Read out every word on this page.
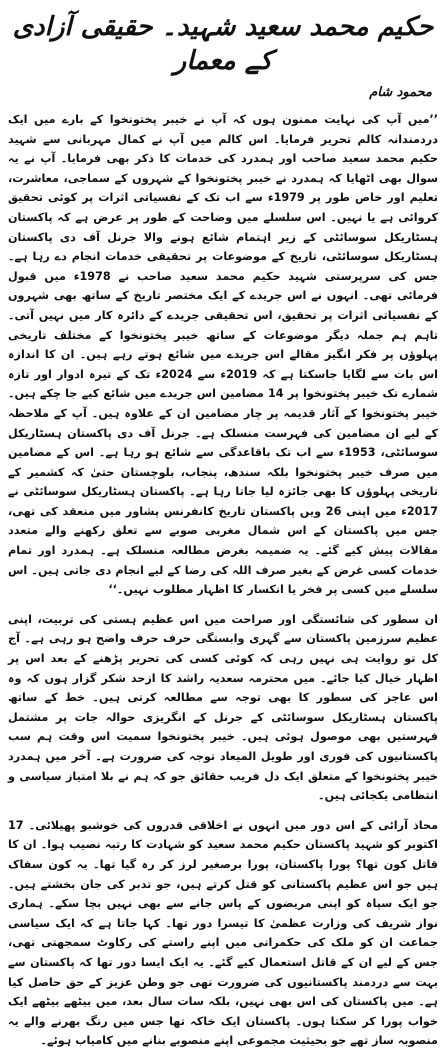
حکیم محمد سعید شہید۔ حقیقی آزادی کے معمار
محمود شام

’’میں آپ کی نہایت ممنون ہوں کہ آپ نے خیبر پختونخوا کے بارے میں ایک دردمندانہ کالم تحریر فرمایا۔ اس کالم میں آپ نے کمال مہربانی سے شہید حکیم محمد سعید صاحب اور ہمدرد کی خدمات کا ذکر بھی فرمایا۔ آپ نے یہ سوال بھی اٹھایا کہ ہمدرد نے خیبر پختونخوا کے شہروں کے سماجی، معاشرت، تعلیم اور خاص طور پر 1979ء سے اب تک کے نفسیاتی اثرات پر کوئی تحقیق کروائی ہے یا نہیں۔ اس سلسلے میں وضاحت کے طور پر عرض ہے کہ پاکستان ہسٹاریکل سوسائٹی کے زیر اہتمام شائع ہونے والا جرنل آف دی پاکستان ہسٹاریکل سوسائٹی، تاریخ کے موضوعات پر تحقیقی خدمات انجام دے رہا ہے۔ جس کی سرپرستی شہید حکیم محمد سعید صاحب نے 1978ء میں قبول فرمائی تھی۔ انہوں نے اس جریدے کے ایک مختصر تاریخ کے ساتھ بھی شہروں کے نفسیاتی اثرات پر تحقیق، اس تحقیقی جریدے کے دائرہ کار میں نہیں آتی۔ تاہم ہم جملہ دیگر موضوعات کے ساتھ خیبر پختونخوا کے مختلف تاریخی پہلوؤں پر فکر انگیز مقالے اس جریدے میں شائع ہوتے رہے ہیں۔ ان کا اندازہ اس بات سے لگایا جاسکتا ہے کہ 2019ء سے 2024ء تک کے تیرہ ادوار اور تازہ شمارے تک خیبر پختونخوا پر 14 مضامین اس جریدے میں شائع کیے جا چکے ہیں۔ خیبر پختونخوا کے آثار قدیمہ پر چار مضامین ان کے علاوہ ہیں۔ آپ کے ملاحظہ کے لیے ان مضامین کی فہرست منسلک ہے۔ جرنل آف دی پاکستان ہسٹاریکل سوسائٹی، 1953ء سے اب تک باقاعدگی سے شائع ہو رہا ہے۔ اس کے مضامین میں صرف خیبر پختونخوا بلکہ سندھ، پنجاب، بلوچستان حتیٰ کہ کشمیر کے تاریخی پہلوؤں کا بھی جائزہ لیا جاتا رہا ہے۔ پاکستان ہسٹاریکل سوسائٹی نے 2017ء میں اپنی 26 ویں پاکستان تاریخ کانفرنس پشاور میں منعقد کی تھی، جس میں پاکستان کے اس شمال مغربی صوبے سے تعلق رکھنے والے متعدد مقالات پیش کیے گئے۔ یہ ضمیمہ بغرض مطالعہ منسلک ہے۔ ہمدرد اور تمام خدمات کسی غرض کے بغیر صرف اللہ کی رضا کے لیے انجام دی جاتی ہیں۔ اس سلسلے میں کسی پر فخر یا انکسار کا اظہار مطلوب نہیں۔‘‘

ان سطور کی شائستگی اور صراحت میں اس عظیم ہستی کی تربیت، اپنی عظیم سرزمین پاکستان سے گہری وابستگی حرف حرف واضح ہو رہی ہے۔ آج کل تو روایت ہی نہیں رہی کہ کوئی کسی کی تحریر پڑھنے کے بعد اس پر اظہار خیال کیا جائے۔ میں محترمہ سعدیہ راشد کا ازحد شکر گزار ہوں کہ وہ اس عاجز کی سطور کا بھی توجہ سے مطالعہ کرتی ہیں۔ خط کے ساتھ پاکستان ہسٹاریکل سوسائٹی کے جرنل کے انگریزی حوالہ جات پر مشتمل فہرستیں بھی موصول ہوئی ہیں۔ خیبر پختونخوا سمیت اس وقت ہم سب پاکستانیوں کی فوری اور طویل المیعاد توجہ کی ضرورت ہے۔ آخر میں ہمدرد خیبر پختونخوا کے متعلق ایک دل فریب حقائق جو کہ ہم نے بلا امتیاز سیاسی و انتظامی یکجائی ہیں۔

محاذ آرائی کے اس دور میں انہوں نے اخلاقی قدروں کی خوشبو پھیلائی۔ 17 اکتوبر کو شہید پاکستان حکیم محمد سعید کو شہادت کا رتبہ نصیب ہوا۔ ان کا قاتل کون تھا؟ پورا پاکستان، پورا برصغیر لرز کر رہ گیا تھا۔ یہ کون سفاک ہیں جو اس عظیم پاکستانی کو قتل کرتے ہیں، جو تدبر کی جان بخشتے ہیں۔ جو ایک سپاہ کو اپنی مریضوں کے پاس جانے سے بھی نہیں بچا سکے۔ ہماری نواز شریف کی وزارت عظمیٰ کا تیسرا دور تھا۔ کہا جاتا ہے کہ ایک سیاسی جماعت ان کو ملک کی حکمرانی میں اپنے راستے کی رکاوٹ سمجھتی تھی، جس کے لیے ان کے قاتل استعمال کیے گئے۔ یہ ایک ایسا دور تھا کہ پاکستان سے بہت سے دردمند پاکستانیوں کی ضرورت تھی جو وطن عزیز کے حق حاصل کیا ہے۔ میں پاکستان کی اس بھی نہیں، بلکہ سات سال بعد، میں بیٹھے بیٹھے ایک خواب پورا کر سکتا ہوں۔ پاکستان ایک خاکہ تھا جس میں رنگ بھرنے والے یہ منصوبہ ساز تھے جو بحیثیت مجموعی اپنے منصوبے بنانے میں کامیاب ہوئے۔
